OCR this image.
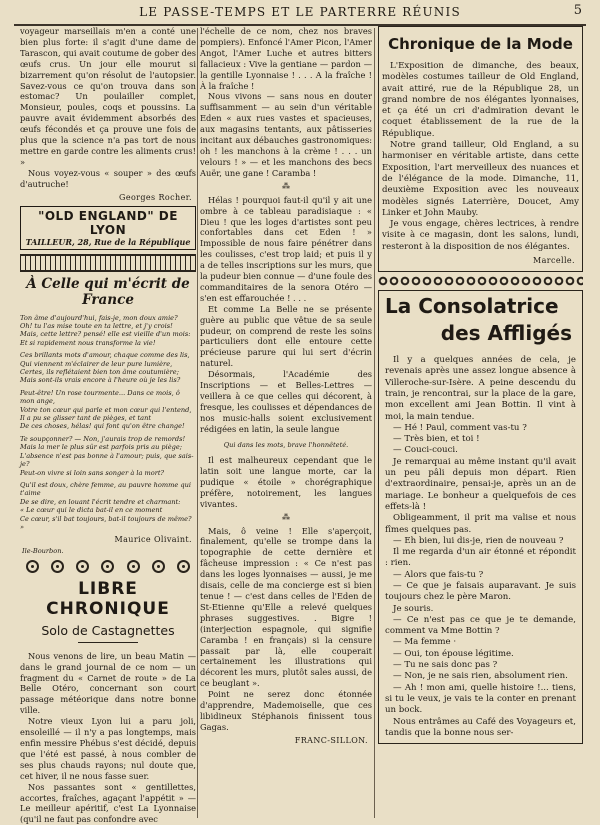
LE PASSE-TEMPS ET LE PARTERRE RÉUNIS	5

voyageur marseillais m'en a conté une bien plus forte: il s'agit d'une dame de Tarascon, qui avait coutume de gober des œufs crus. Un jour elle mourut si bizarrement qu'on résolut de l'autopsier. Savez-vous ce qu'on trouva dans son estomac? Un poulailler complet, Monsieur, poules, coqs et poussins. La pauvre avait évidemment absorbés des œufs fécondés et ça prouve une fois de plus que la science n'a pas tort de nous mettre en garde contre les aliments crus! »

Nous voyez-vous « souper » des œufs d'autruche!

Georges Rocher.
"OLD ENGLAND" DE LYON
TAILLEUR, 28, Rue de la République
À Celle qui m'écrit de France
Ton âme d'aujourd'hui, fais-je, mon doux amie?
Oh! tu l'as mise toute en ta lettre, et j'y crois!
Mais, cette lettre? pensé! elle est vieille d'un mois:
Et si rapidement nous transforme la vie!
Ces brillants mots d'amour, chaque comme des lis,
Qui viennent m'éclairer de leur pure lumière,
Certes, ils reflétaient bien ton âme coutumière;
Mais sont-ils vrais encore à l'heure où je les lis?
Peut-être! Un rose tourmente... Dans ce mois, ô mon ange,
Votre ton cœur qui parle et mon cœur qui l'entend,
Il a pu se glisser tant de pièges, et tant
De ces choses, hélas! qui font qu'on être change!
Te soupçonner? — Non, j'aurais trop de remords!
Mais la mer le plus sûr est parfois pris au piège;
L'absence n'est pas bonne à l'amour; puis, que sais-je?
Peut-on vivre si loin sans songer à la mort?
Qu'il est doux, chère femme, au pauvre homme qui t'aime
De se dire, en louant l'écrit tendre et charmant:
« Le cœur qui le dicta bat-il en ce moment
Ce cœur, s'il bat toujours, bat-il toujours de même? »
Maurice Olivaint.
Ile-Bourbon.
LIBRE CHRONIQUE
Solo de Castagnettes

Nous venons de lire, un beau Matin — dans le grand journal de ce nom — un fragment du « Carnet de route » de La Belle Otéro, concernant son court passage météorique dans notre bonne ville.

Notre vieux Lyon lui a paru joli, ensoleillé — il n'y a pas longtemps, mais enfin messire Phébus s'est décidé, depuis que l'été est passé, à nous combler de ses plus chauds rayons; nul doute que, cet hiver, il ne nous fasse suer.

Nos passantes sont « gentillettes, accortes, fraîches, agaçant l'appétit » — Le meilleur apéritif, c'est La Lyonnaise (qu'il ne faut pas confondre avec

l'échelle de ce nom, chez nos braves pompiers). Enfoncé l'Amer Picon, l'Amer Angot, l'Amer Luche et autres bitters fallacieux : Vive la gentiane — pardon — la gentille Lyonnaise ! . . . A la fraîche ! À la fraîche !

Nous vivons — sans nous en douter suffisamment — au sein d'un véritable Eden « aux rues vastes et spacieuses, aux magasins tentants, aux pâtisseries incitant aux débauches gastronomiques: oh ! les manchons à la crème ! . . . un velours ! » — et les manchons des becs Auër, une gane ! Caramba !

⁂

Hélas ! pourquoi faut-il qu'il y ait une ombre à ce tableau paradisiaque : « Dieu ! que les loges d'artistes sont peu confortables dans cet Eden ! » Impossible de nous faire pénétrer dans les coulisses, c'est trop laid; et puis il y a de telles inscriptions sur les murs, que la pudeur bien connue — d'une foule des commanditaires de la senora Otéro — s'en est effarouchée ! . . .

Et comme La Belle ne se présente guère au public que vêtue de sa seule pudeur, on comprend de reste les soins particuliers dont elle entoure cette précieuse parure qui lui sert d'écrin naturel.

Désormais, l'Académie des Inscriptions — et Belles-Lettres — veillera à ce que celles qui décorent, à fresque, les coulisses et dépendances de nos music-halls soient exclusivement rédigées en latin, la seule langue

Qui dans les mots, brave l'honnêteté.

Il est malheureux cependant que le latin soit une langue morte, car la pudique « étoile » chorégraphique préfère, notoirement, les langues vivantes.

⁂

Mais, ô veine ! Elle s'aperçoit, finalement, qu'elle se trompe dans la topographie de cette dernière et fâcheuse impression : « Ce n'est pas dans les loges lyonnaises — aussi, je me disais, celle de ma concierge est si bien tenue ! — c'est dans celles de l'Eden de St-Etienne qu'Elle a relevé quelques phrases suggestives. . Bigre ! (interjection espagnole, qui signifie Caramba ! en français) si la censure passait par là, elle couperait certainement les illustrations qui décorent les murs, plutôt sales aussi, de ce beuglant ».

Point ne serez donc étonnée d'apprendre, Mademoiselle, que ces libidineux Stéphanois finissent tous Gagas.

FRANC-SILLON.
Chronique de la Mode

L'Exposition de dimanche, des beaux, modèles costumes tailleur de Old England, avait attiré, rue de la République 28, un grand nombre de nos élégantes lyonnaises, et ça été un cri d'admiration devant le coquet établissement de la rue de la République.

Notre grand tailleur, Old England, a su harmoniser en véritable artiste, dans cette Exposition, l'art merveilleux des nuances et de l'élégance de la mode. Dimanche, 11, deuxième Exposition avec les nouveaux modèles signés Laterrière, Doucet, Amy Linker et John Mauby.

Je vous engage, chères lectrices, à rendre visite à ce magasin, dont les salons, lundi, resteront à la disposition de nos élégantes.

Marcelle.
La Consolatrice
des Affligés

Il y a quelques années de cela, je revenais après une assez longue absence à Villeroche-sur-Isère. A peine descendu du train, je rencontrai, sur la place de la gare, mon excellent ami Jean Bottin. Il vint à moi, la main tendue.

— Hé ! Paul, comment vas-tu ?

— Très bien, et toi !

— Couci-couci.

Je remarquai au même instant qu'il avait un peu pâli depuis mon départ. Rien d'extraordinaire, pensai-je, après un an de mariage. Le bonheur a quelquefois de ces effets-là !

Obligeamment, il prit ma valise et nous fîmes quelques pas.

— Eh bien, lui dis-je, rien de nouveau ?

Il me regarda d'un air étonné et répondit : rien.

— Alors que fais-tu ?

— Ce que je faisais auparavant. Je suis toujours chez le père Maron.

Je souris.

— Ce n'est pas ce que je te demande, comment va Mme Bottin ?

— Ma femme ·

— Oui, ton épouse légitime.

— Tu ne sais donc pas ?

— Non, je ne sais rien, absolument rien.

— Ah ! mon ami, quelle histoire !... tiens, si tu le veux, je vais te la conter en prenant un bock.

Nous entrâmes au Café des Voyageurs et, tandis que la bonne nous ser-
